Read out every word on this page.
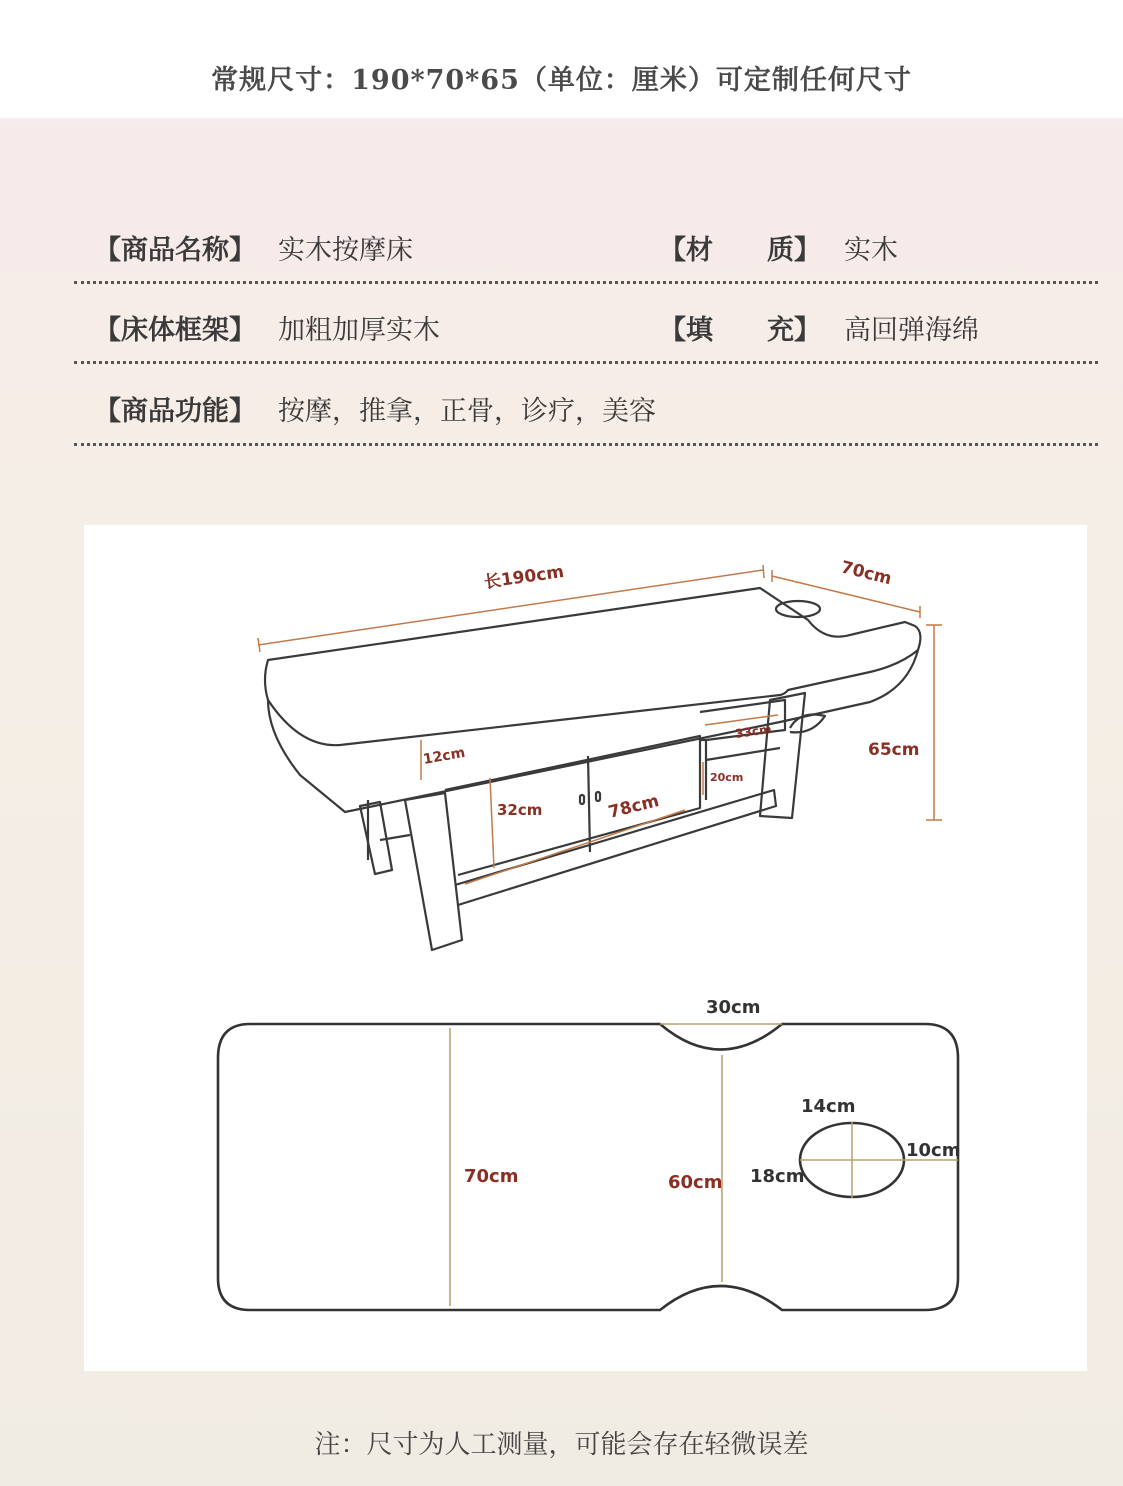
常规尺寸：190*70*65（单位：厘米）可定制任何尺寸
【商品名称】 实木按摩床	【材　　质】 实木
【床体框架】 加粗加厚实木	【填　　充】 高回弹海绵
【商品功能】 按摩，推拿，正骨，诊疗，美容
长190cm	70cm
65cm
12cm
32cm	78cm
33cm
20cm
30cm
14cm
10cm
18cm
70cm	60cm
注：尺寸为人工测量，可能会存在轻微误差
